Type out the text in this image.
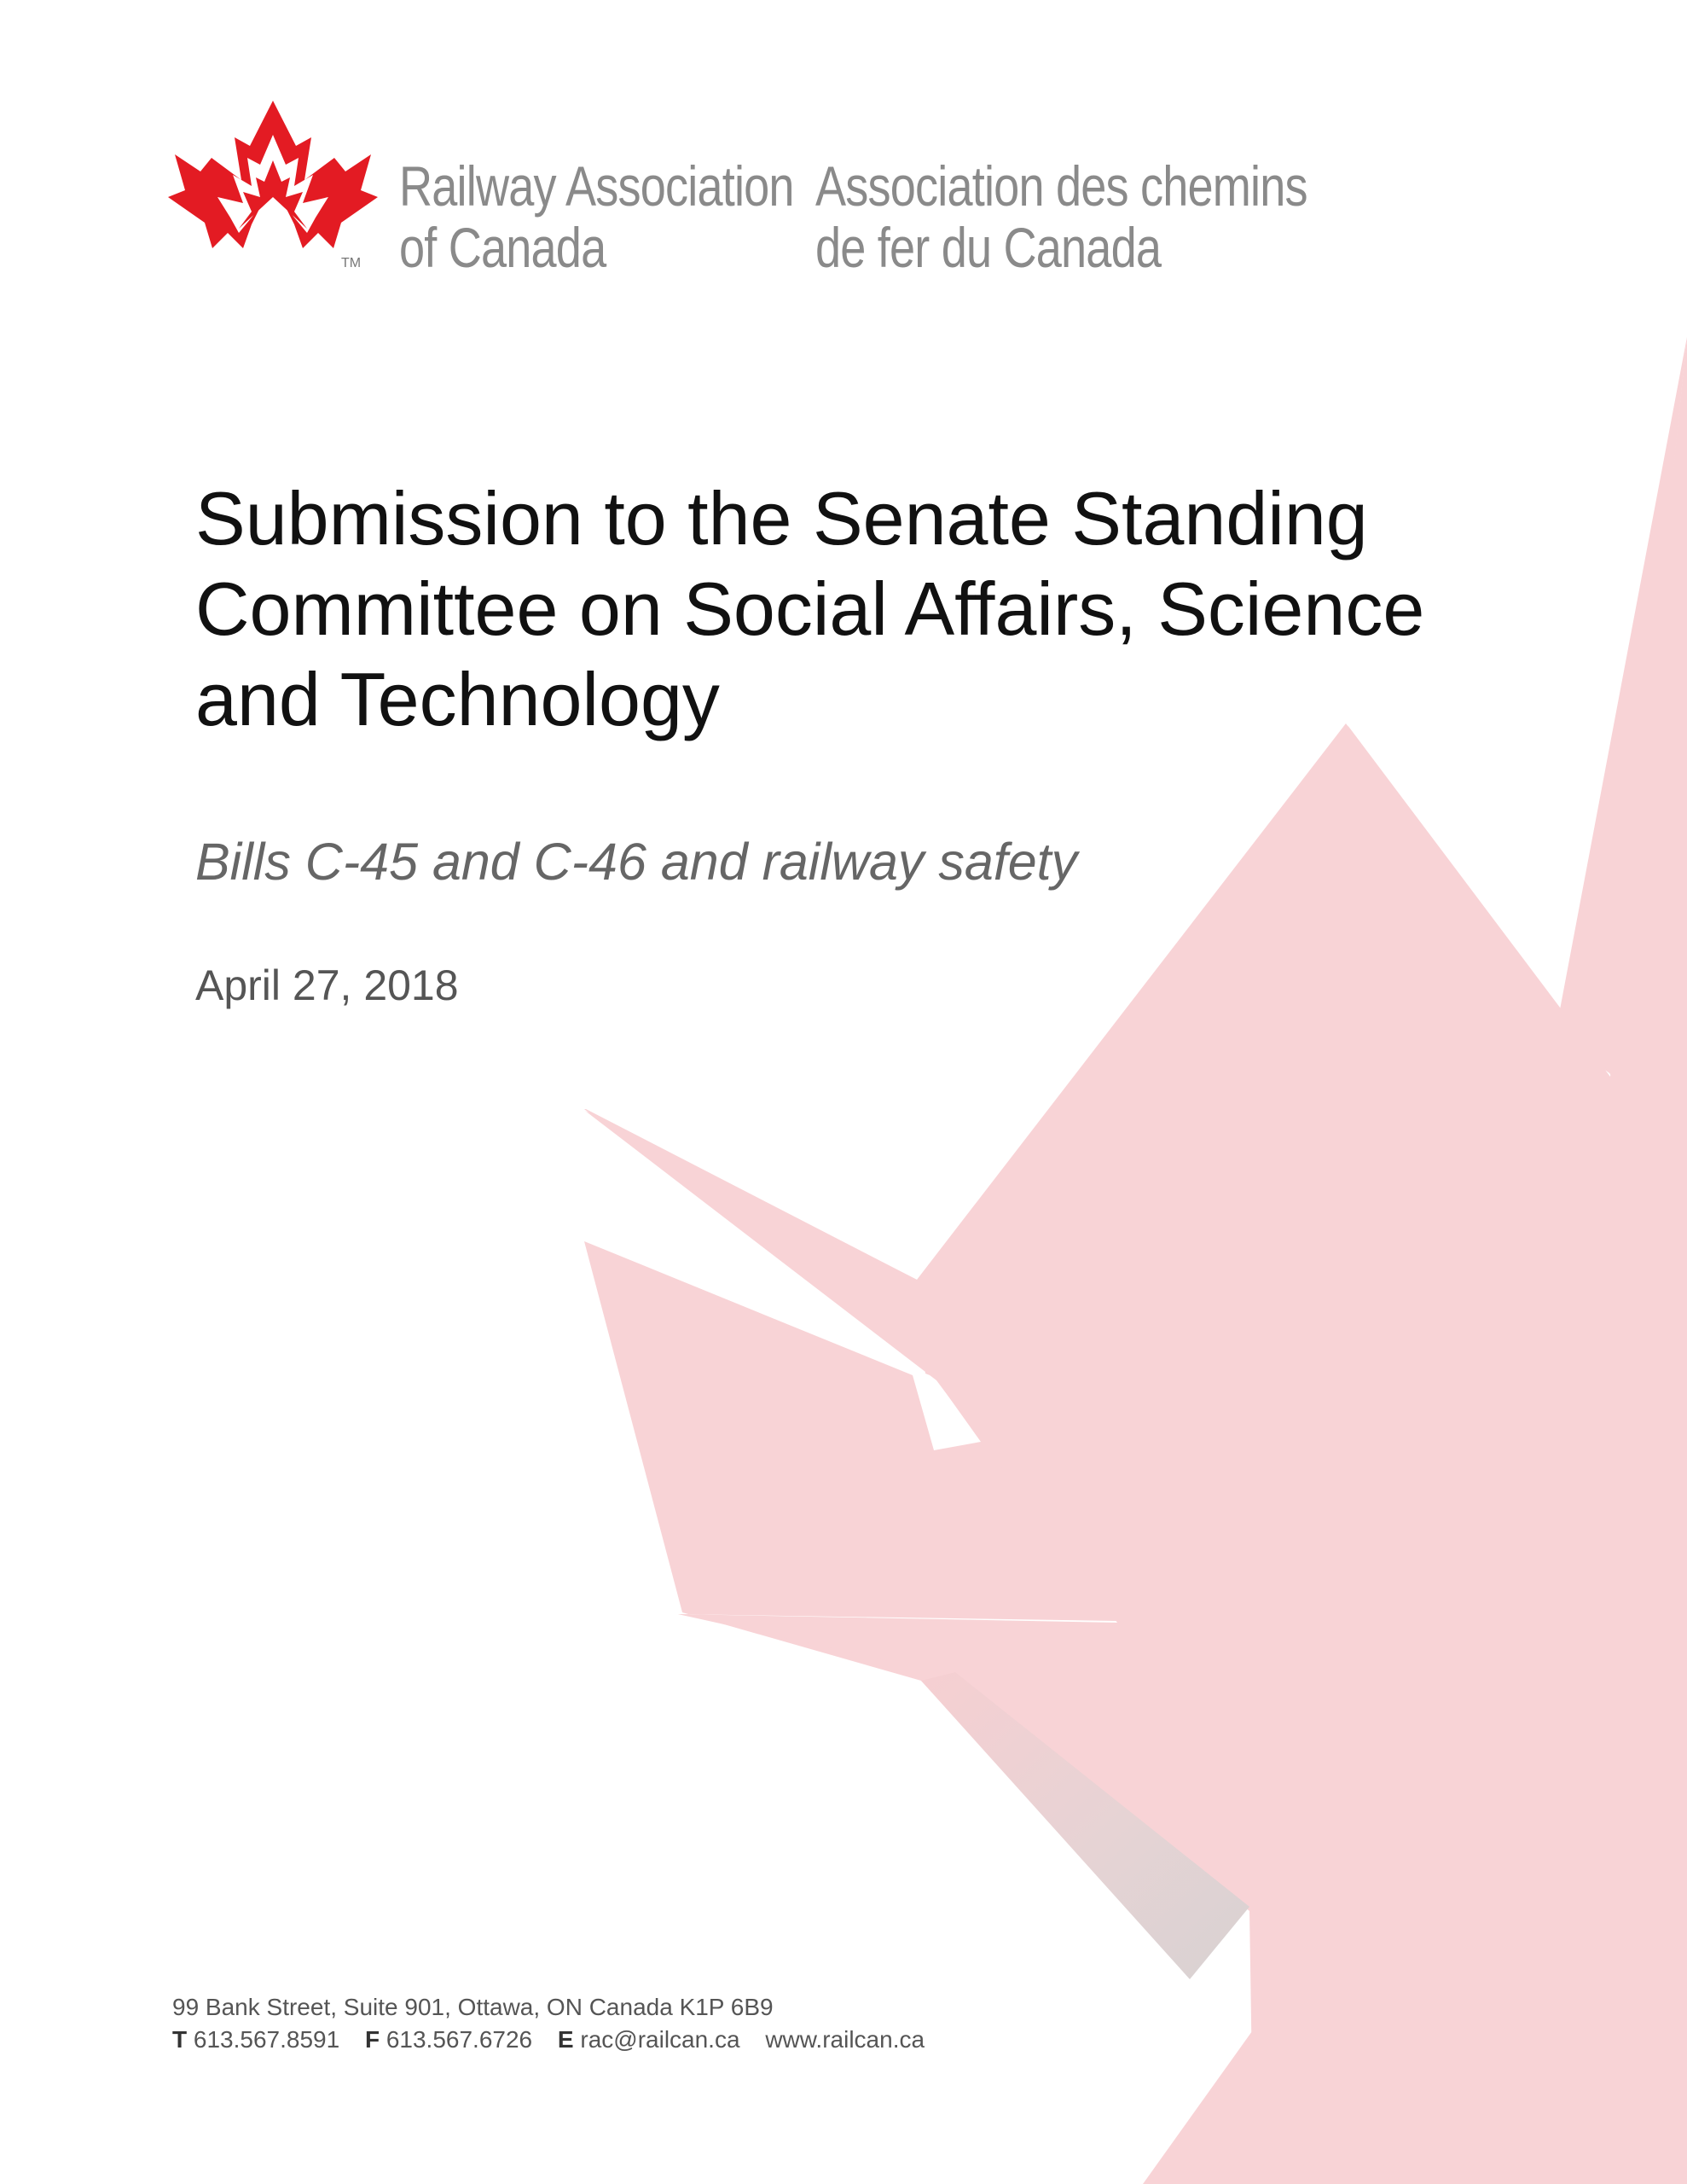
TM
Railway Association
of Canada
Association des chemins
de fer du Canada
Submission to the Senate Standing
Committee on Social Affairs, Science
and Technology
Bills C-45 and C-46 and railway safety
April 27, 2018
99 Bank Street, Suite 901, Ottawa, ON Canada K1P 6B9
T 613.567.8591 F 613.567.6726 E rac@railcan.ca www.railcan.ca
